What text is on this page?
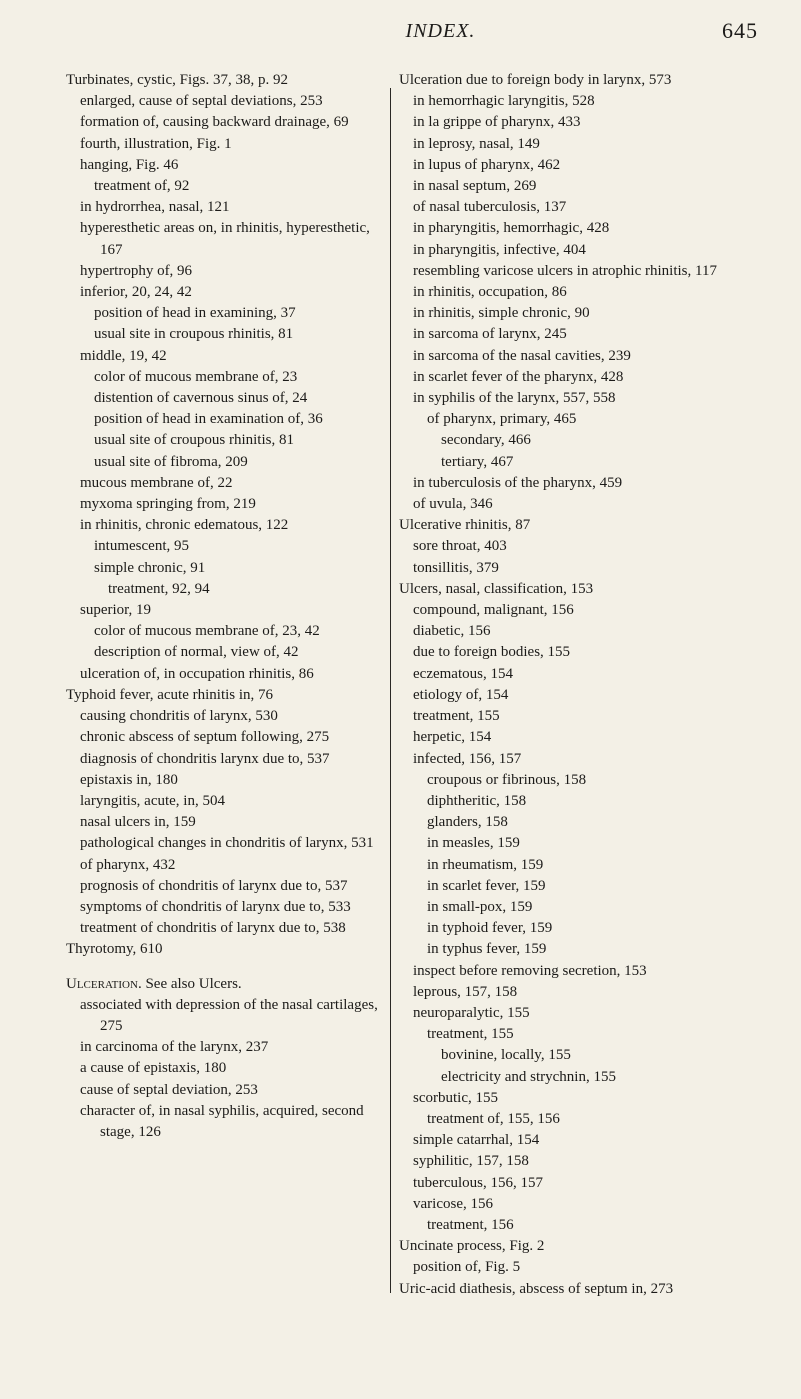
INDEX.	645

Turbinates, cystic, Figs. 37, 38, p. 92

enlarged, cause of septal deviations, 253

formation of, causing backward drainage, 69

fourth, illustration, Fig. 1

hanging, Fig. 46

treatment of, 92

in hydrorrhea, nasal, 121

hyperesthetic areas on, in rhinitis, hyperesthetic, 167

hypertrophy of, 96

inferior, 20, 24, 42

position of head in examining, 37

usual site in croupous rhinitis, 81

middle, 19, 42

color of mucous membrane of, 23

distention of cavernous sinus of, 24

position of head in examination of, 36

usual site of croupous rhinitis, 81

usual site of fibroma, 209

mucous membrane of, 22

myxoma springing from, 219

in rhinitis, chronic edematous, 122

intumescent, 95

simple chronic, 91

treatment, 92, 94

superior, 19

color of mucous membrane of, 23, 42

description of normal, view of, 42

ulceration of, in occupation rhinitis, 86

Typhoid fever, acute rhinitis in, 76

causing chondritis of larynx, 530

chronic abscess of septum following, 275

diagnosis of chondritis larynx due to, 537

epistaxis in, 180

laryngitis, acute, in, 504

nasal ulcers in, 159

pathological changes in chondritis of larynx, 531

of pharynx, 432

prognosis of chondritis of larynx due to, 537

symptoms of chondritis of larynx due to, 533

treatment of chondritis of larynx due to, 538

Thyrotomy, 610

Ulceration. See also Ulcers.

associated with depression of the nasal cartilages, 275

in carcinoma of the larynx, 237

a cause of epistaxis, 180

cause of septal deviation, 253

character of, in nasal syphilis, acquired, second stage, 126

Ulceration due to foreign body in larynx, 573

in hemorrhagic laryngitis, 528

in la grippe of pharynx, 433

in leprosy, nasal, 149

in lupus of pharynx, 462

in nasal septum, 269

of nasal tuberculosis, 137

in pharyngitis, hemorrhagic, 428

in pharyngitis, infective, 404

resembling varicose ulcers in atrophic rhinitis, 117

in rhinitis, occupation, 86

in rhinitis, simple chronic, 90

in sarcoma of larynx, 245

in sarcoma of the nasal cavities, 239

in scarlet fever of the pharynx, 428

in syphilis of the larynx, 557, 558

of pharynx, primary, 465

secondary, 466

tertiary, 467

in tuberculosis of the pharynx, 459

of uvula, 346

Ulcerative rhinitis, 87

sore throat, 403

tonsillitis, 379

Ulcers, nasal, classification, 153

compound, malignant, 156

diabetic, 156

due to foreign bodies, 155

eczematous, 154

etiology of, 154

treatment, 155

herpetic, 154

infected, 156, 157

croupous or fibrinous, 158

diphtheritic, 158

glanders, 158

in measles, 159

in rheumatism, 159

in scarlet fever, 159

in small-pox, 159

in typhoid fever, 159

in typhus fever, 159

inspect before removing secretion, 153

leprous, 157, 158

neuroparalytic, 155

treatment, 155

bovinine, locally, 155

electricity and strychnin, 155

scorbutic, 155

treatment of, 155, 156

simple catarrhal, 154

syphilitic, 157, 158

tuberculous, 156, 157

varicose, 156

treatment, 156

Uncinate process, Fig. 2

position of, Fig. 5

Uric-acid diathesis, abscess of septum in, 273
